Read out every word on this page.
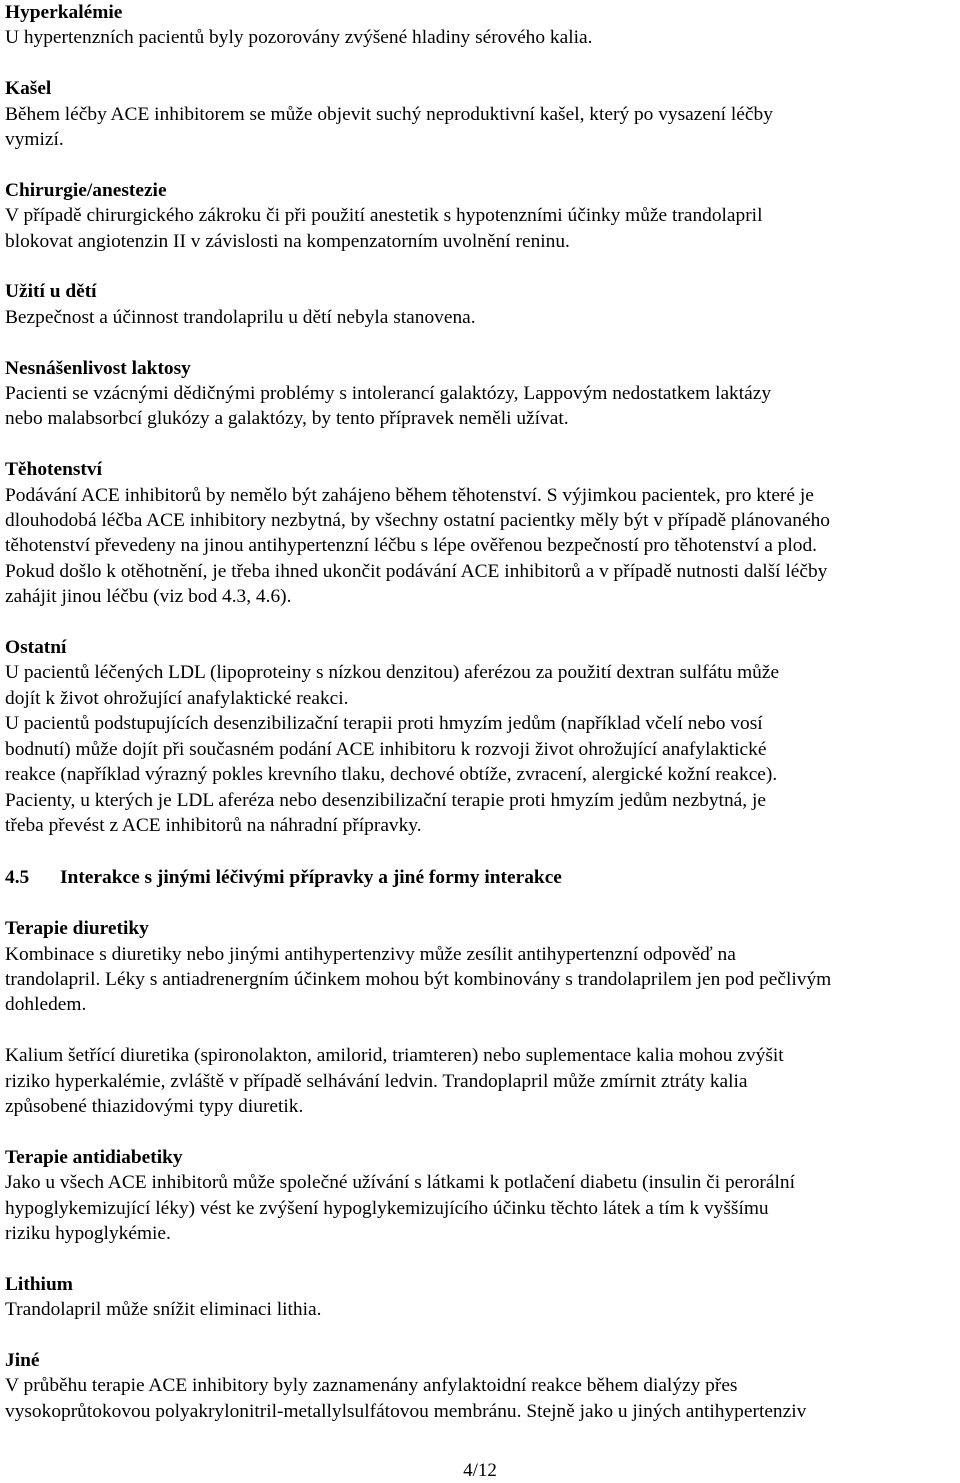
Hyperkalémie
U hypertenzních pacientů byly pozorovány zvýšené hladiny sérového kalia.
Kašel
Během léčby ACE inhibitorem se může objevit suchý neproduktivní kašel, který po vysazení léčby
vymizí.
Chirurgie/anestezie
V případě chirurgického zákroku či při použití anestetik s hypotenzními účinky může trandolapril
blokovat angiotenzin II v závislosti na kompenzatorním uvolnění reninu.
Užití u dětí
Bezpečnost a účinnost trandolaprilu u dětí nebyla stanovena.
Nesnášenlivost laktosy
Pacienti se vzácnými dědičnými problémy s intolerancí galaktózy, Lappovým nedostatkem laktázy
nebo malabsorbcí glukózy a galaktózy, by tento přípravek neměli užívat.
Těhotenství
Podávání ACE inhibitorů by nemělo být zahájeno během těhotenství. S výjimkou pacientek, pro které je
dlouhodobá léčba ACE inhibitory nezbytná, by všechny ostatní pacientky měly být v případě plánovaného
těhotenství převedeny na jinou antihypertenzní léčbu s lépe ověřenou bezpečností pro těhotenství a plod.
Pokud došlo k otěhotnění, je třeba ihned ukončit podávání ACE inhibitorů a v případě nutnosti další léčby
zahájit jinou léčbu (viz bod 4.3, 4.6).
Ostatní
U pacientů léčených LDL (lipoproteiny s nízkou denzitou) aferézou za použití dextran sulfátu může
dojít k život ohrožující anafylaktické reakci.
U pacientů podstupujících desenzibilizační terapii proti hmyzím jedům (například včelí nebo vosí
bodnutí) může dojít při současném podání ACE inhibitoru k rozvoji život ohrožující anafylaktické
reakce (například výrazný pokles krevního tlaku, dechové obtíže, zvracení, alergické kožní reakce).
Pacienty, u kterých je LDL aferéza nebo desenzibilizační terapie proti hmyzím jedům nezbytná, je
třeba převést z ACE inhibitorů na náhradní přípravky.
4.5	Interakce s jinými léčivými přípravky a jiné formy interakce
Terapie diuretiky
Kombinace s diuretiky nebo jinými antihypertenzivy může zesílit antihypertenzní odpověď na
trandolapril. Léky s antiadrenergním účinkem mohou být kombinovány s trandolaprilem jen pod pečlivým
dohledem.
Kalium šetřící diuretika (spironolakton, amilorid, triamteren) nebo suplementace kalia mohou zvýšit
riziko hyperkalémie, zvláště v případě selhávání ledvin. Trandoplapril může zmírnit ztráty kalia
způsobené thiazidovými typy diuretik.
Terapie antidiabetiky
Jako u všech ACE inhibitorů může společné užívání s látkami k potlačení diabetu (insulin či perorální
hypoglykemizující léky) vést ke zvýšení hypoglykemizujícího účinku těchto látek a tím k vyššímu
riziku hypoglykémie.
Lithium
Trandolapril může snížit eliminaci lithia.
Jiné
V průběhu terapie ACE inhibitory byly zaznamenány anfylaktoidní reakce během dialýzy přes
vysokoprůtokovou polyakrylonitril-metallylsulfátovou membránu. Stejně jako u jiných antihypertenziv
4/12
